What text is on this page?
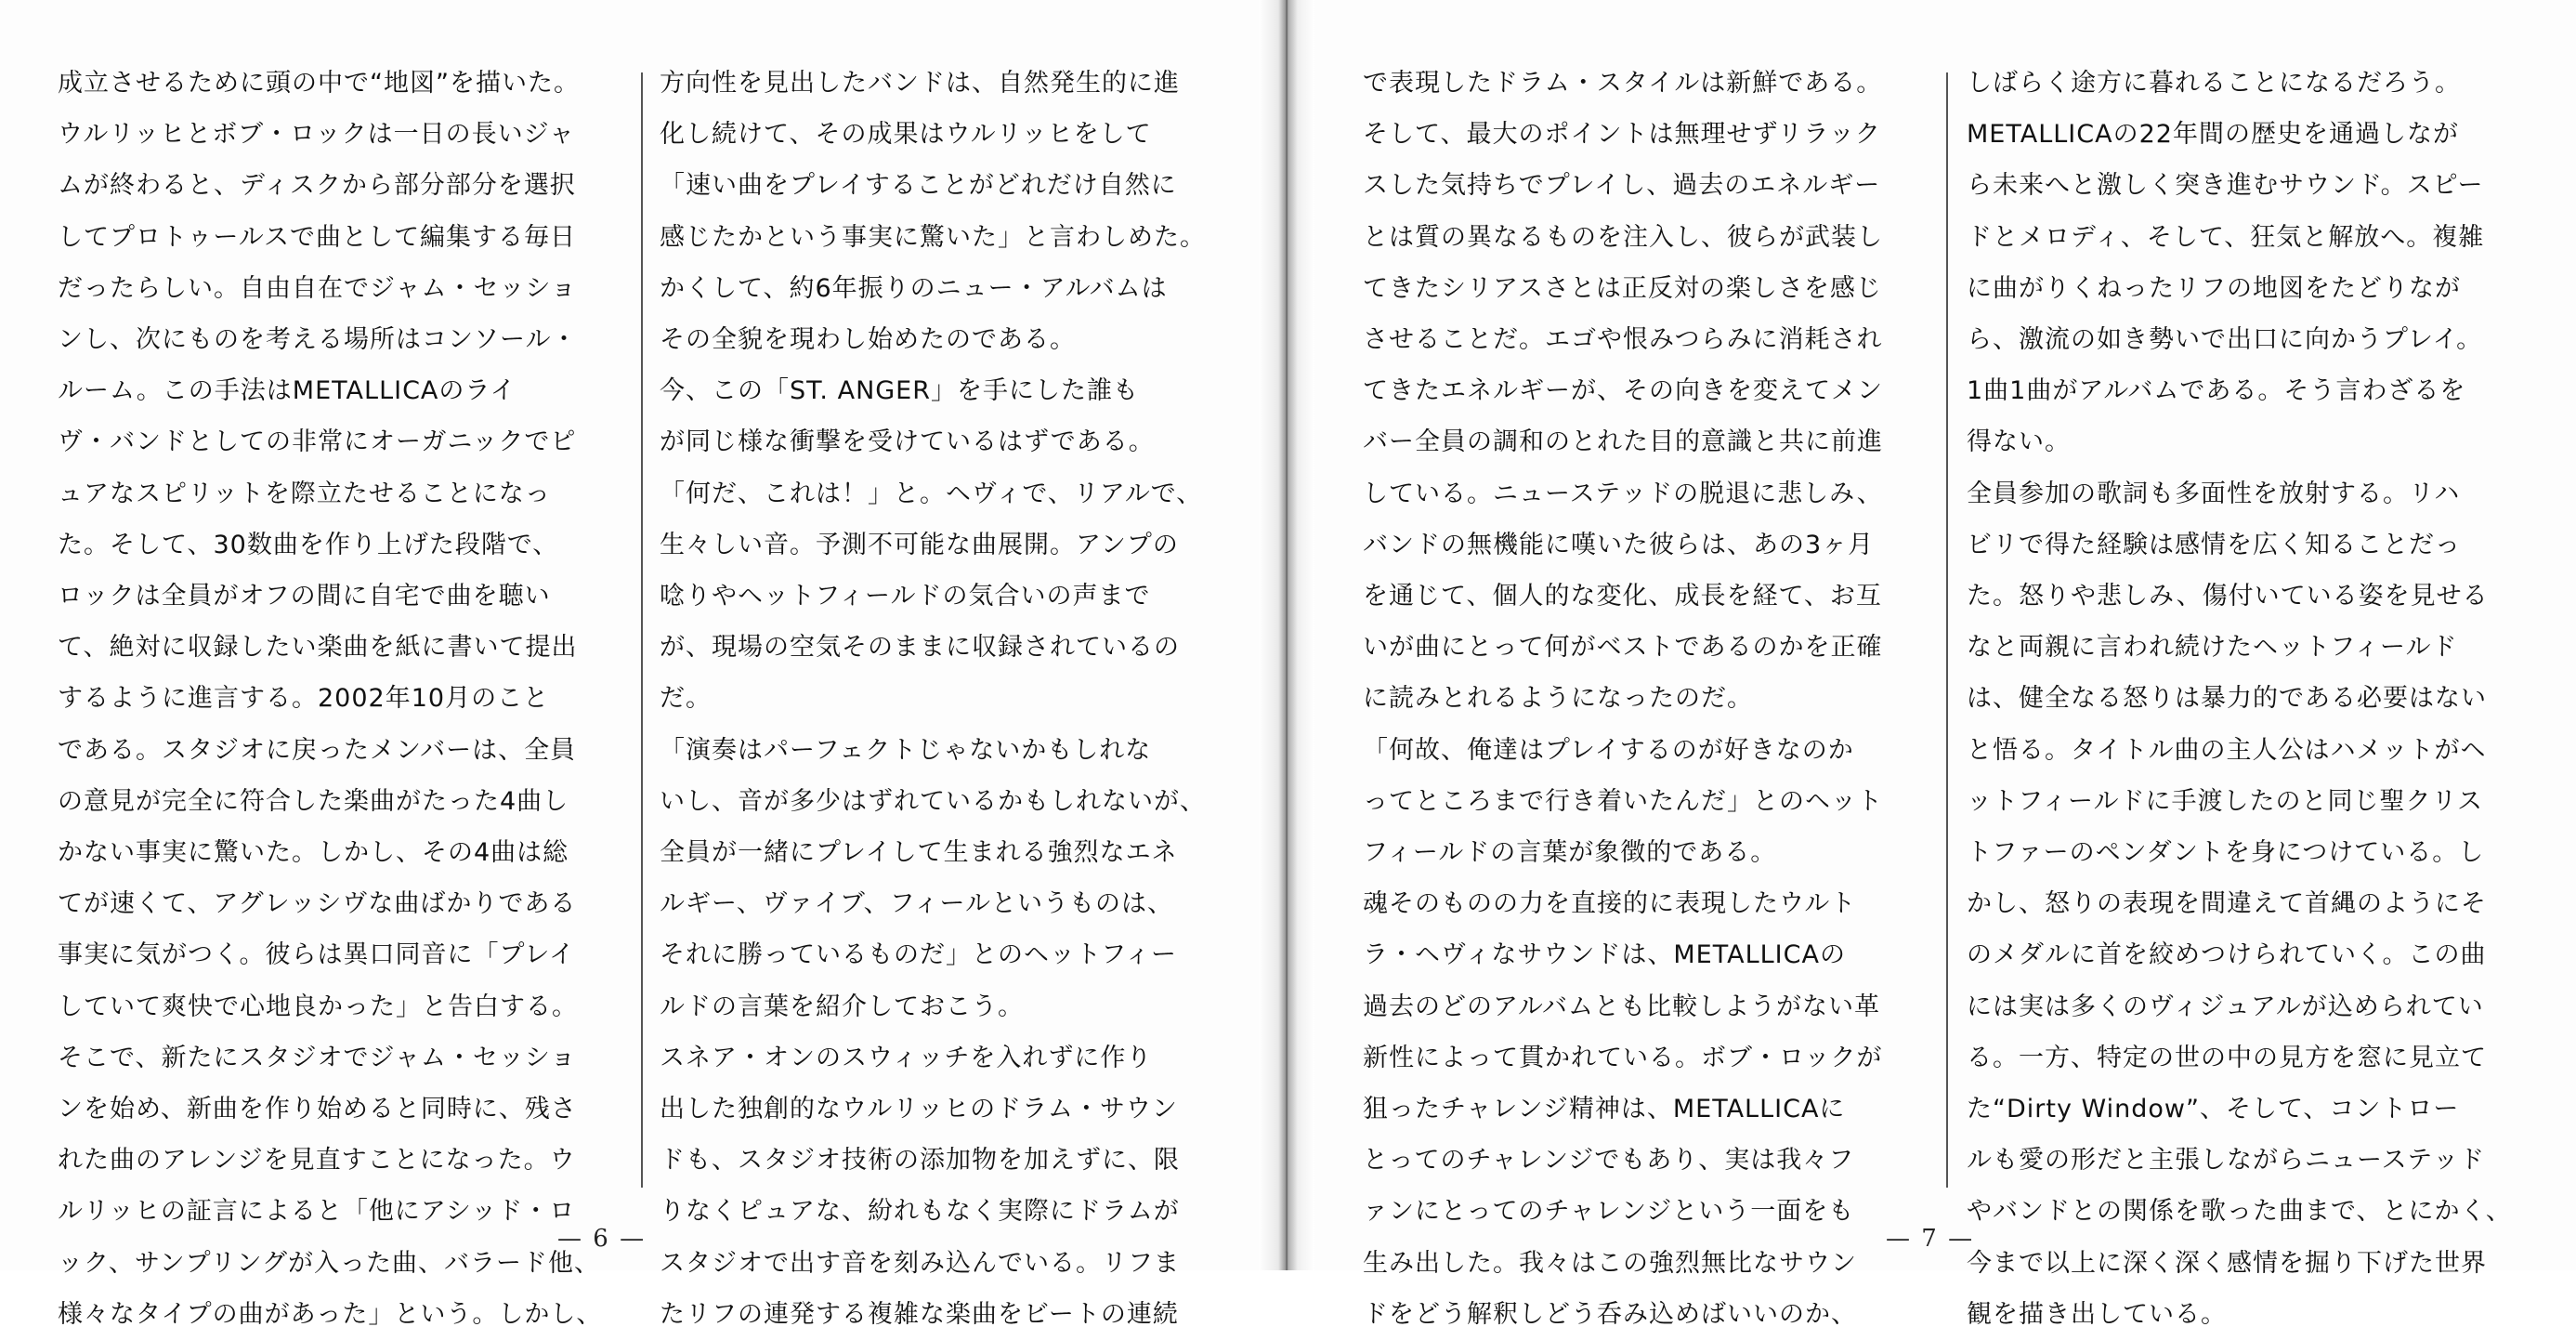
成立させるために頭の中で“地図”を描いた。

ウルリッヒとボブ・ロックは一日の長いジャ

ムが終わると、ディスクから部分部分を選択

してプロトゥールスで曲として編集する毎日

だったらしい。自由自在でジャム・セッショ

ンし、次にものを考える場所はコンソール・

ルーム。この手法はMETALLICAのライ

ヴ・バンドとしての非常にオーガニックでピ

ュアなスピリットを際立たせることになっ

た。そして、30数曲を作り上げた段階で、

ロックは全員がオフの間に自宅で曲を聴い

て、絶対に収録したい楽曲を紙に書いて提出

するように進言する。2002年10月のこと

である。スタジオに戻ったメンバーは、全員

の意見が完全に符合した楽曲がたった4曲し

かない事実に驚いた。しかし、その4曲は総

てが速くて、アグレッシヴな曲ばかりである

事実に気がつく。彼らは異口同音に「プレイ

していて爽快で心地良かった」と告白する。

そこで、新たにスタジオでジャム・セッショ

ンを始め、新曲を作り始めると同時に、残さ

れた曲のアレンジを見直すことになった。ウ

ルリッヒの証言によると「他にアシッド・ロ

ック、サンプリングが入った曲、バラード他、

様々なタイプの曲があった」という。しかし、

方向性を見出したバンドは、自然発生的に進

化し続けて、その成果はウルリッヒをして

「速い曲をプレイすることがどれだけ自然に

感じたかという事実に驚いた」と言わしめた。

かくして、約6年振りのニュー・アルバムは

その全貌を現わし始めたのである。

今、この「ST. ANGER」を手にした誰も

が同じ様な衝撃を受けているはずである。

「何だ、これは！」と。ヘヴィで、リアルで、

生々しい音。予測不可能な曲展開。アンプの

唸りやヘットフィールドの気合いの声まで

が、現場の空気そのままに収録されているの

だ。

「演奏はパーフェクトじゃないかもしれな

いし、音が多少はずれているかもしれないが、

全員が一緒にプレイして生まれる強烈なエネ

ルギー、ヴァイブ、フィールというものは、

それに勝っているものだ」とのヘットフィー

ルドの言葉を紹介しておこう。

スネア・オンのスウィッチを入れずに作り

出した独創的なウルリッヒのドラム・サウン

ドも、スタジオ技術の添加物を加えずに、限

りなくピュアな、紛れもなく実際にドラムが

スタジオで出す音を刻み込んでいる。リフま

たリフの連発する複雑な楽曲をビートの連続

— 6 —

で表現したドラム・スタイルは新鮮である。

そして、最大のポイントは無理せずリラック

スした気持ちでプレイし、過去のエネルギー

とは質の異なるものを注入し、彼らが武装し

てきたシリアスさとは正反対の楽しさを感じ

させることだ。エゴや恨みつらみに消耗され

てきたエネルギーが、その向きを変えてメン

バー全員の調和のとれた目的意識と共に前進

している。ニューステッドの脱退に悲しみ、

バンドの無機能に嘆いた彼らは、あの3ヶ月

を通じて、個人的な変化、成長を経て、お互

いが曲にとって何がベストであるのかを正確

に読みとれるようになったのだ。

「何故、俺達はプレイするのが好きなのか

ってところまで行き着いたんだ」とのヘット

フィールドの言葉が象徴的である。

魂そのものの力を直接的に表現したウルト

ラ・ヘヴィなサウンドは、METALLICAの

過去のどのアルバムとも比較しようがない革

新性によって貫かれている。ボブ・ロックが

狙ったチャレンジ精神は、METALLICAに

とってのチャレンジでもあり、実は我々フ

ァンにとってのチャレンジという一面をも

生み出した。我々はこの強烈無比なサウン

ドをどう解釈しどう呑み込めばいいのか、

しばらく途方に暮れることになるだろう。

METALLICAの22年間の歴史を通過しなが

ら未来へと激しく突き進むサウンド。スピー

ドとメロディ、そして、狂気と解放へ。複雑

に曲がりくねったリフの地図をたどりなが

ら、激流の如き勢いで出口に向かうプレイ。

1曲1曲がアルバムである。そう言わざるを

得ない。

全員参加の歌詞も多面性を放射する。リハ

ビリで得た経験は感情を広く知ることだっ

た。怒りや悲しみ、傷付いている姿を見せる

なと両親に言われ続けたヘットフィールド

は、健全なる怒りは暴力的である必要はない

と悟る。タイトル曲の主人公はハメットがヘ

ットフィールドに手渡したのと同じ聖クリス

トファーのペンダントを身につけている。し

かし、怒りの表現を間違えて首縄のようにそ

のメダルに首を絞めつけられていく。この曲

には実は多くのヴィジュアルが込められてい

る。一方、特定の世の中の見方を窓に見立て

た“Dirty Window”、そして、コントロー

ルも愛の形だと主張しながらニューステッド

やバンドとの関係を歌った曲まで、とにかく、

今まで以上に深く深く感情を掘り下げた世界

観を描き出している。

— 7 —
